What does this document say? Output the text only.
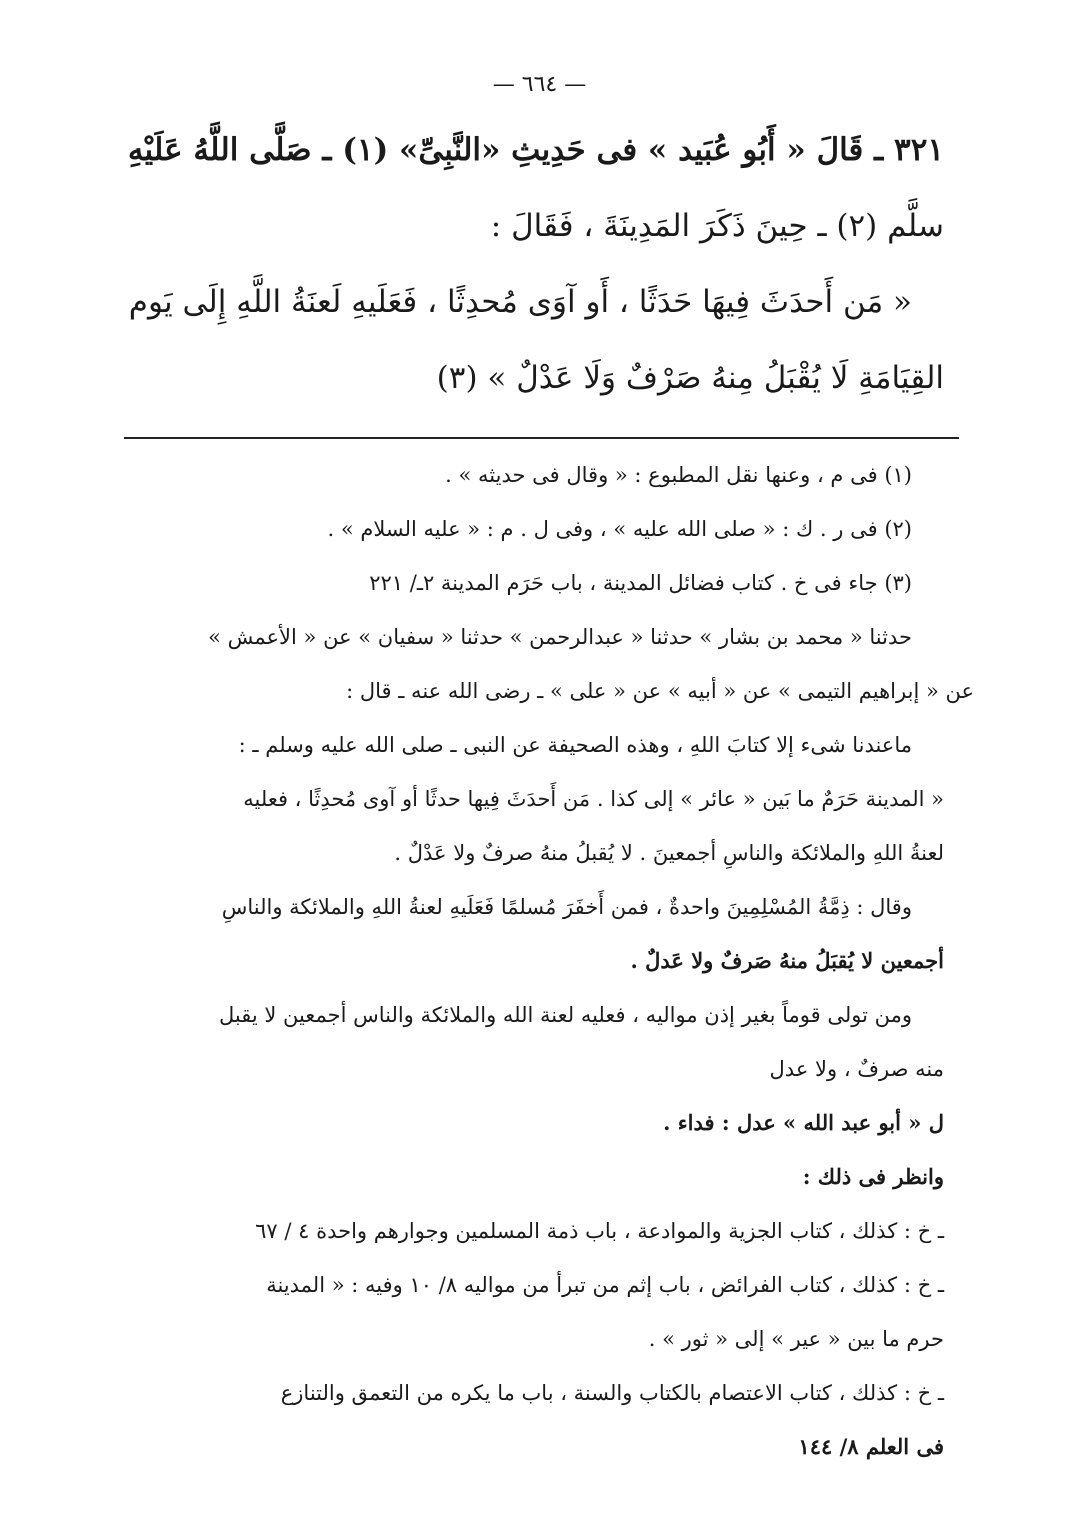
— ٦٦٤ —
٣٢١ ـ قَالَ « أَبُو عُبَيد » فى حَدِيثِ «النَّبِىِّ» (١) ـ صَلَّى اللَّهُ عَلَيْهِ
سلَّم (٢) ـ حِينَ ذَكَرَ المَدِينَةَ ، فَقَالَ :
« مَن أَحدَثَ فِيهَا حَدَثًا ، أَو آوَى مُحدِثًا ، فَعَلَيهِ لَعنَةُ اللَّهِ إِلَى يَوم
القِيَامَةِ لَا يُقْبَلُ مِنهُ صَرْفٌ وَلَا عَدْلٌ » (٣)
(١) فى م ، وعنها نقل المطبوع : « وقال فى حديثه » .
(٢) فى ر . ك : « صلى الله عليه » ، وفى ل . م : « عليه السلام » .
(٣) جاء فى خ . كتاب فضائل المدينة ، باب حَرَم المدينة ٢ـ/ ٢٢١
حدثنا « محمد بن بشار » حدثنا « عبدالرحمن » حدثنا « سفيان » عن « الأعمش »
عن « إبراهيم التيمى » عن « أبيه » عن « على » ـ رضى الله عنه ـ قال :
ماعندنا شىء إلا كتابَ اللهِ ، وهذه الصحيفة عن النبى ـ صلى الله عليه وسلم ـ :
« المدينة حَرَمٌ ما بَين « عائر » إلى كذا . مَن أَحدَثَ فِيها حدثًا أو آوى مُحدِثًا ، فعليه
لعنةُ اللهِ والملائكة والناسِ أجمعينَ . لا يُقبلُ منهُ صرفٌ ولا عَدْلٌ .
وقال : ذِمَّةُ المُسْلِمِينَ واحدةٌ ، فمن أَخفَرَ مُسلمًا فَعَلَيهِ لعنةُ اللهِ والملائكة والناسِ
أجمعين لا يُقبَلُ منهُ صَرفٌ ولا عَدلٌ .
ومن تولى قوماً بغير إذن مواليه ، فعليه لعنة الله والملائكة والناس أجمعين لا يقبل
منه صرفٌ ، ولا عدل
ل « أبو عبد الله » عدل : فداء .
وانظر فى ذلك :
ـ خ : كذلك ، كتاب الجزية والموادعة ، باب ذمة المسلمين وجوارهم واحدة ٤ / ٦٧
ـ خ : كذلك ، كتاب الفرائض ، باب إثم من تبرأ من مواليه ٨/ ١٠ وفيه : « المدينة
حرم ما بين « عير » إلى « ثور » .
ـ خ : كذلك ، كتاب الاعتصام بالكتاب والسنة ، باب ما يكره من التعمق والتنازع
فى العلم ٨/ ١٤٤
